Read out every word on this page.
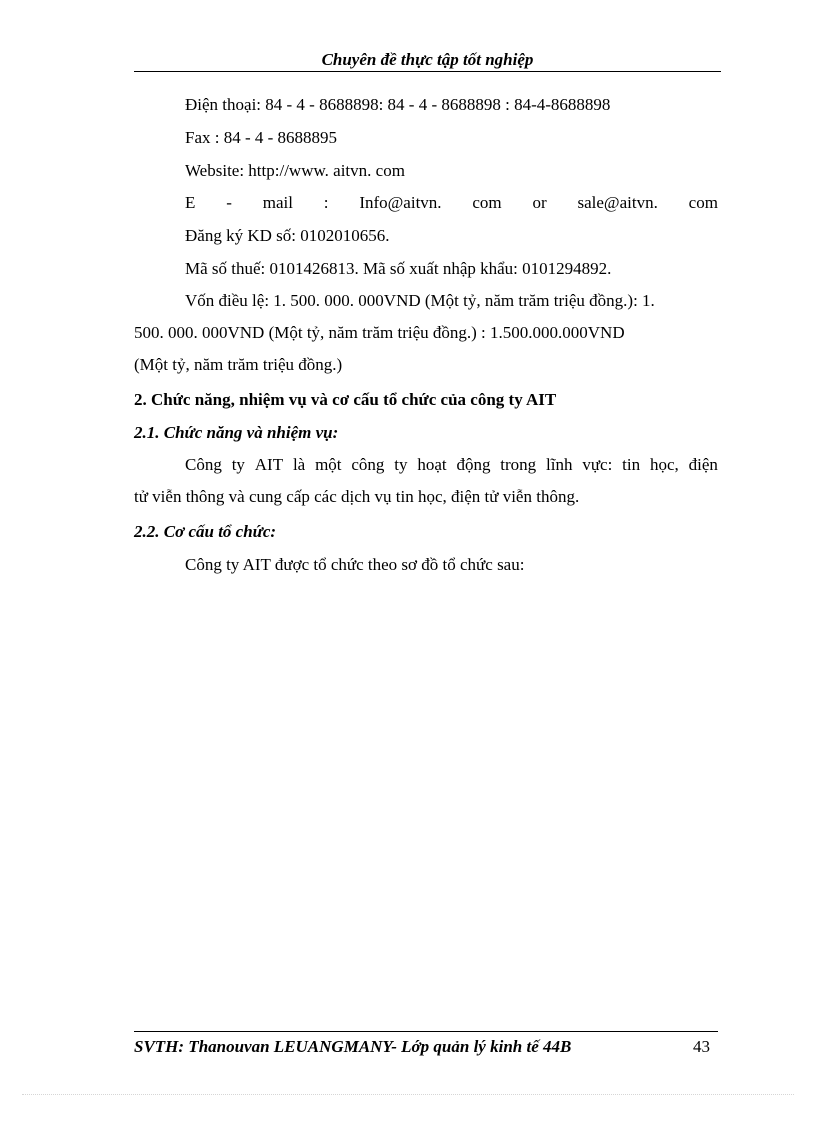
Chuyên đề thực tập tốt nghiệp
Điện thoại: 84 - 4 - 8688898: 84 - 4 - 8688898 : 84-4-8688898
Fax : 84 - 4 - 8688895
Website: http://www. aitvn. com
E - mail : Info@aitvn. com or sale@aitvn. com
Đăng ký KD số: 0102010656.
Mã số thuế: 0101426813. Mã số xuất nhập khẩu: 0101294892.
Vốn điều lệ: 1. 500. 000. 000VND (Một tỷ, năm trăm triệu đồng.): 1.
500. 000. 000VND (Một tỷ, năm trăm triệu đồng.) : 1.500.000.000VND
(Một tỷ, năm trăm triệu đồng.)
2. Chức năng, nhiệm vụ và cơ cấu tổ chức của công ty AIT
2.1. Chức năng và nhiệm vụ:
Công ty AIT là một công ty hoạt động trong lĩnh vực: tin học, điện
tử viễn thông và cung cấp các dịch vụ tin học, điện tử viễn thông.
2.2. Cơ cấu tổ chức:
Công ty AIT được tổ chức theo sơ đồ tổ chức sau:
SVTH: Thanouvan LEUANGMANY- Lớp quản lý kinh tế 44B	43
